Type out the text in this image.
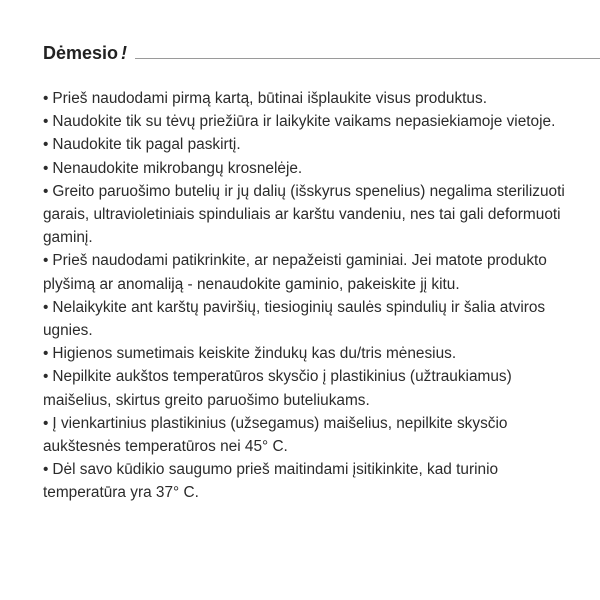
Dėmesio !
• Prieš naudodami pirmą kartą, būtinai išplaukite visus produktus.
• Naudokite tik su tėvų priežiūra ir laikykite vaikams nepasiekiamoje vietoje.
• Naudokite tik pagal paskirtį.
• Nenaudokite mikrobangų krosnelėje.
• Greito paruošimo butelių ir jų dalių (išskyrus spenelius) negalima sterilizuoti garais, ultravioletiniais spinduliais ar karštu vandeniu, nes tai gali deformuoti gaminį.
• Prieš naudodami patikrinkite, ar nepažeisti gaminiai. Jei matote produkto plyšimą ar anomaliją - nenaudokite gaminio, pakeiskite jį kitu.
• Nelaikykite ant karštų paviršių, tiesioginių saulės spindulių ir šalia atviros ugnies.
• Higienos sumetimais keiskite žindukų kas du/tris mėnesius.
• Nepilkite aukštos temperatūros skysčio į plastikinius (užtraukiamus) maišelius, skirtus greito paruošimo buteliukams.
• Į vienkartinius plastikinius (užsegamus) maišelius, nepilkite skysčio aukštesnės temperatūros nei 45° C.
• Dėl savo kūdikio saugumo prieš maitindami įsitikinkite, kad turinio temperatūra yra 37° C.
